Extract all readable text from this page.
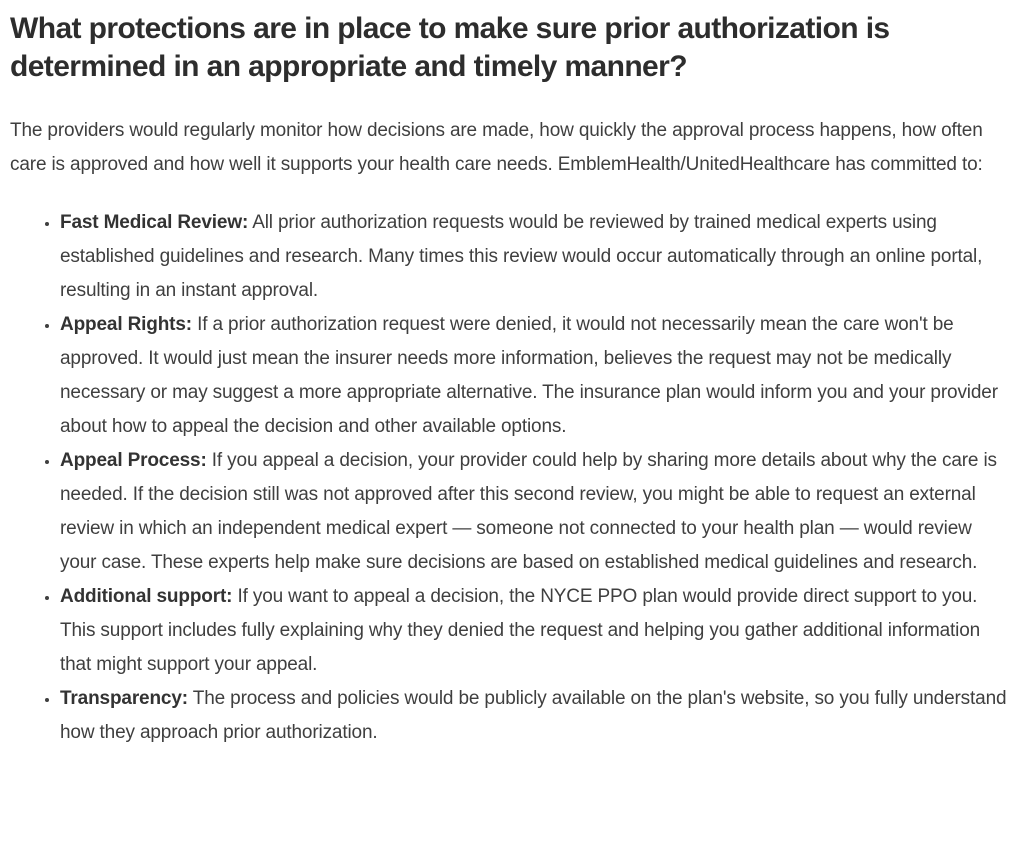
What protections are in place to make sure prior authorization is determined in an appropriate and timely manner?

The providers would regularly monitor how decisions are made, how quickly the approval process happens, how often care is approved and how well it supports your health care needs. EmblemHealth/UnitedHealthcare has committed to:

• Fast Medical Review: All prior authorization requests would be reviewed by trained medical experts using established guidelines and research. Many times this review would occur automatically through an online portal, resulting in an instant approval.
• Appeal Rights: If a prior authorization request were denied, it would not necessarily mean the care won't be approved. It would just mean the insurer needs more information, believes the request may not be medically necessary or may suggest a more appropriate alternative. The insurance plan would inform you and your provider about how to appeal the decision and other available options.
• Appeal Process: If you appeal a decision, your provider could help by sharing more details about why the care is needed. If the decision still was not approved after this second review, you might be able to request an external review in which an independent medical expert — someone not connected to your health plan — would review your case. These experts help make sure decisions are based on established medical guidelines and research.
• Additional support: If you want to appeal a decision, the NYCE PPO plan would provide direct support to you. This support includes fully explaining why they denied the request and helping you gather additional information that might support your appeal.
• Transparency: The process and policies would be publicly available on the plan's website, so you fully understand how they approach prior authorization.
